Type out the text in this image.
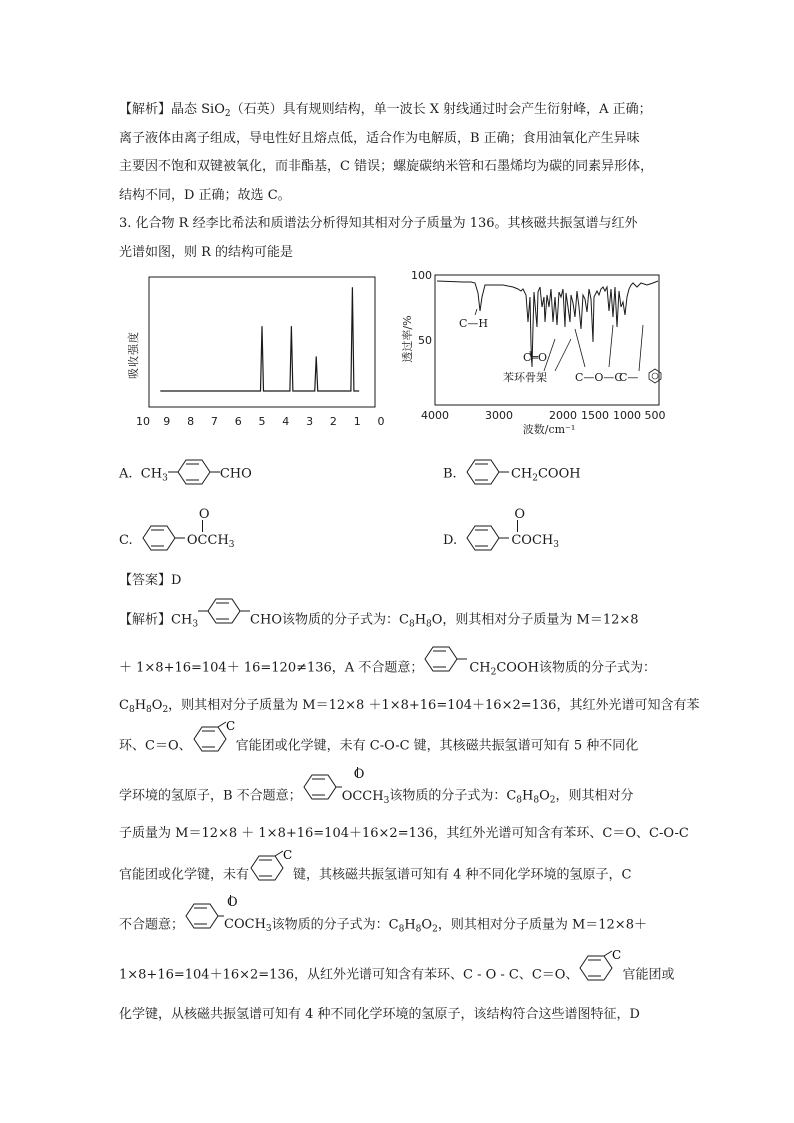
【解析】晶态 SiO$_2$（石英）具有规则结构，单一波长 X 射线通过时会产生衍射峰，A 正确；

离子液体由离子组成，导电性好且熔点低，适合作为电解质，B 正确；食用油氧化产生异味

主要因不饱和双键被氧化，而非酯基，C 错误；螺旋碳纳米管和石墨烯均为碳的同素异形体，

结构不同，D 正确；故选 C。

3. 化合物 R 经李比希法和质谱法分析得知其相对分子质量为 136。其核磁共振氢谱与红外

光谱如图，则 R 的结构可能是

吸收强度
10 9 8 7 6 5 4 3 2 1 0
透过率/%
100
50
4000	3000	2000 1500 1000 500
波数/cm⁻¹
C—H
C═O
苯环骨架	C—O—C
C—
A. $CH_3$	CHO	B.	$CH_2COOH$
C.
O
$OCCH_3$	D.
O
$COCH_3$

【答案】D

【解析】$CH_3$	CHO该物质的分子式为：$C_8H_8O$，则其相对分子质量为 M＝12×8

＋ 1×8+16=104＋ 16=120≠136，A 不合题意；	$CH_2COOH$该物质的分子式为：

$C_8H_8O_2$，则其相对分子质量为 M＝12×8 ＋1×8+16=104＋16×2=136，其红外光谱可知含有苯

环、C＝O、
C
官能团或化学键，未有 C-O-C 键，其核磁共振氢谱可知有 5 种不同化

学环境的氢原子，B 不合题意；
O
$OCCH_3$该物质的分子式为：$C_8H_8O_2$，则其相对分

子质量为 M＝12×8 ＋ 1×8+16=104＋16×2=136，其红外光谱可知含有苯环、C＝O、C-O-C

官能团或化学键，未有
C
键，其核磁共振氢谱可知有 4 种不同化学环境的氢原子，C

不合题意；
O
$COCH_3$该物质的分子式为：$C_8H_8O_2$，则其相对分子质量为 M＝12×8＋

1×8+16=104＋16×2=136，从红外光谱可知含有苯环、C - O - C、C＝O、
C
官能团或

化学键，从核磁共振氢谱可知有 4 种不同化学环境的氢原子，该结构符合这些谱图特征，D
